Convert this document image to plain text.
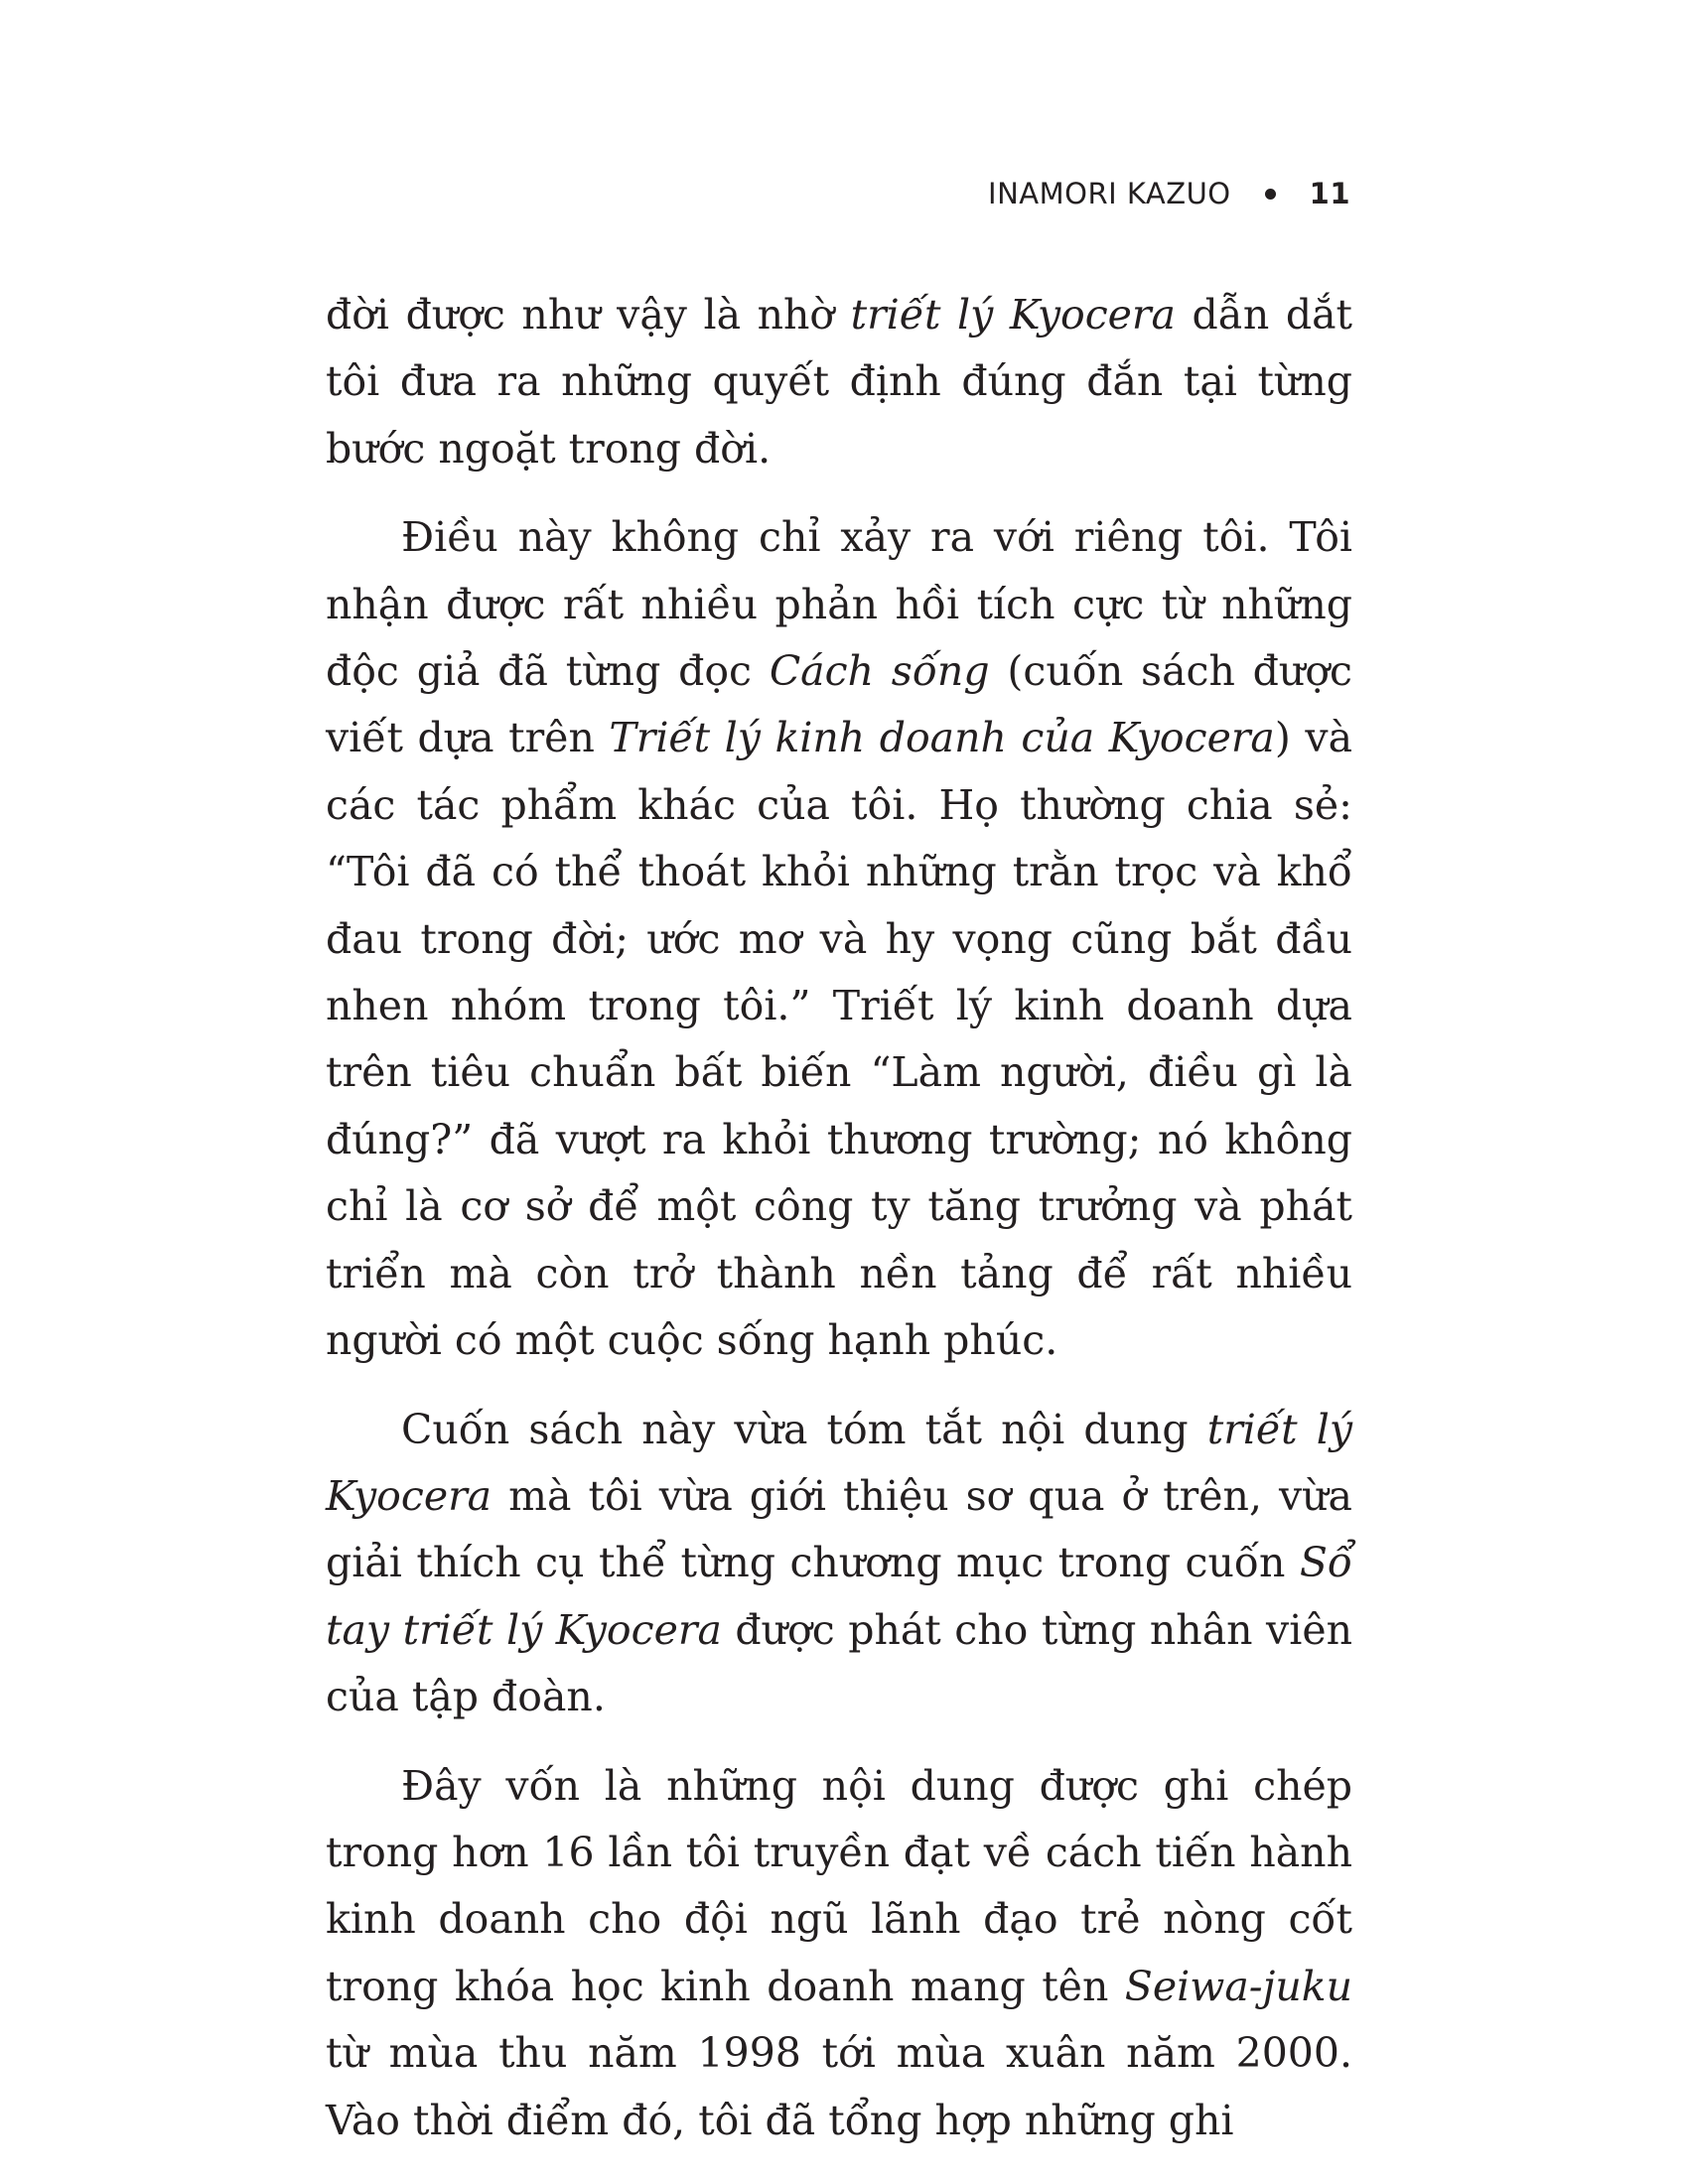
INAMORI KAZUO	11

đời được như vậy là nhờ triết lý Kyocera dẫn dắt tôi đưa ra những quyết định đúng đắn tại từng bước ngoặt trong đời.

Điều này không chỉ xảy ra với riêng tôi. Tôi nhận được rất nhiều phản hồi tích cực từ những độc giả đã từng đọc Cách sống (cuốn sách được viết dựa trên Triết lý kinh doanh của Kyocera) và các tác phẩm khác của tôi. Họ thường chia sẻ: “Tôi đã có thể thoát khỏi những trằn trọc và khổ đau trong đời; ước mơ và hy vọng cũng bắt đầu nhen nhóm trong tôi.” Triết lý kinh doanh dựa trên tiêu chuẩn bất biến “Làm người, điều gì là đúng?” đã vượt ra khỏi thương trường; nó không chỉ là cơ sở để một công ty tăng trưởng và phát triển mà còn trở thành nền tảng để rất nhiều người có một cuộc sống hạnh phúc.

Cuốn sách này vừa tóm tắt nội dung triết lý Kyocera mà tôi vừa giới thiệu sơ qua ở trên, vừa giải thích cụ thể từng chương mục trong cuốn Sổ tay triết lý Kyocera được phát cho từng nhân viên của tập đoàn.

Đây vốn là những nội dung được ghi chép trong hơn 16 lần tôi truyền đạt về cách tiến hành kinh doanh cho đội ngũ lãnh đạo trẻ nòng cốt trong khóa học kinh doanh mang tên Seiwa-juku từ mùa thu năm 1998 tới mùa xuân năm 2000. Vào thời điểm đó, tôi đã tổng hợp những ghi
